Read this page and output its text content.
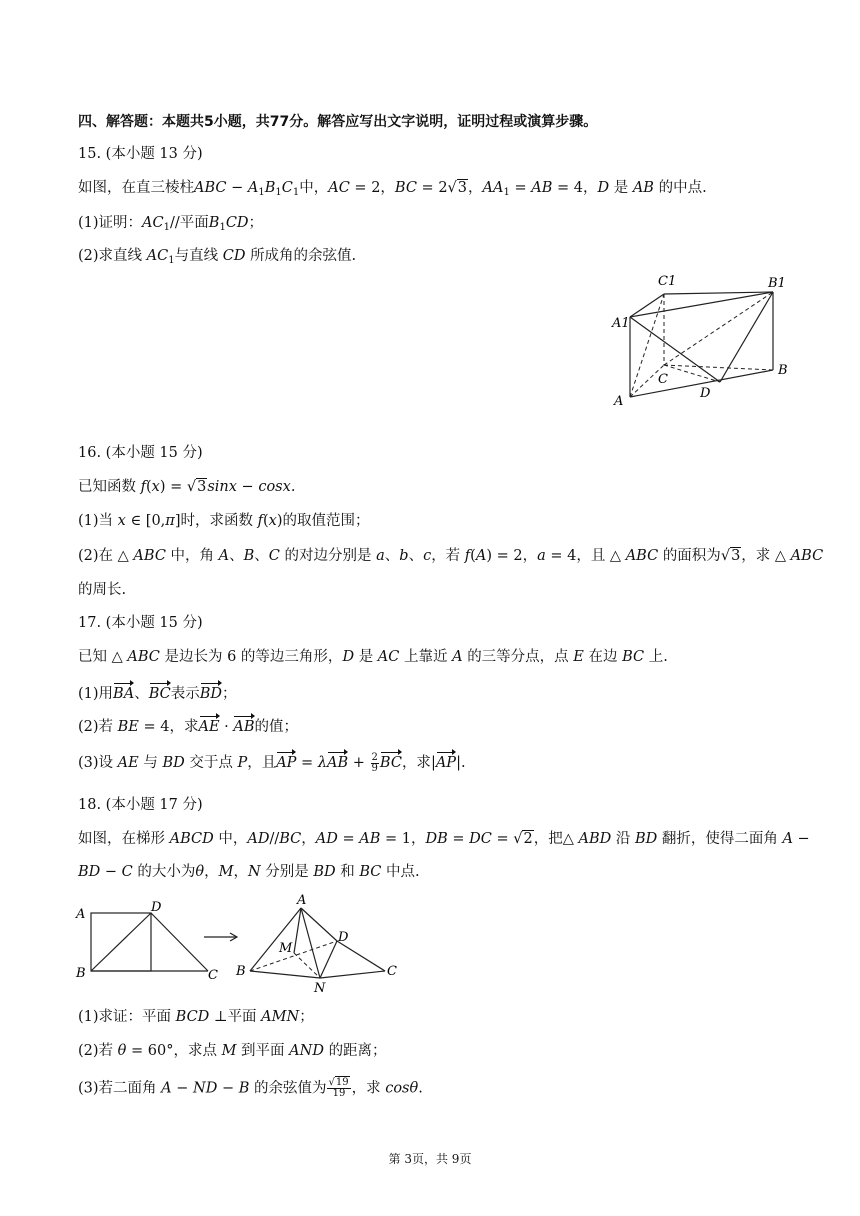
四、解答题：本题共5小题，共77分。解答应写出文字说明，证明过程或演算步骤。
15. (本小题 13 分)
如图，在直三棱柱ABC − $A_1B_1C_1$中，AC = 2，BC = 2√3，$AA_1$ = AB = 4，D 是 AB 的中点.
(1)证明：$AC_1//$平面$B_1CD$；
(2)求直线 $AC_1$与直线 CD 所成角的余弦值.
C1	B1
A1
C
B
A
D
16. (本小题 15 分)
已知函数 f(x) = √3sinx − cosx.
(1)当 x ∈ [0,π]时，求函数 f(x)的取值范围；
(2)在 △ ABC 中，角 A、B、C 的对边分别是 a、b、c，若 f(A) = 2，a = 4，且 △ ABC 的面积为√3，求 △ ABC
的周长.
17. (本小题 15 分)
已知 △ ABC 是边长为 6 的等边三角形，D 是 AC 上靠近 A 的三等分点，点 E 在边 BC 上.
(1)用BA、BC表示BD；
(2)若 BE = 4，求AE · AB的值；
(3)设 AE 与 BD 交于点 P，且AP = $\lambda AB + \frac{2}{9}$ BC，求|AP|.
18. (本小题 17 分)
如图，在梯形 ABCD 中，AD//BC，AD = AB = 1，DB = DC = √2，把△ ABD 沿 BD 翻折，使得二面角 A −
BD − C 的大小为θ，M，N 分别是 BD 和 BC 中点.
A	D
B	C
A
M
D
B
N
C
(1)求证：平面 BCD ⊥平面 AMN；
(2)若 θ = 60°，求点 M 到平面 AND 的距离；
(3)若二面角 A − ND − B 的余弦值为 $\frac{√19}{19}$ ，求 cosθ.
第 3页，共 9页
